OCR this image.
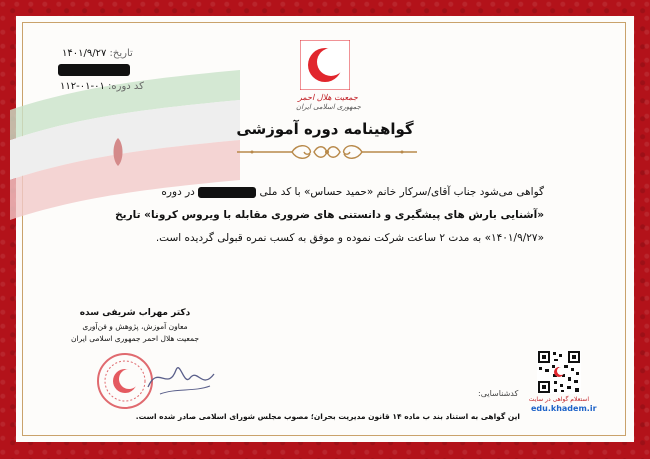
تاریخ: ۱۴۰۱/۹/۲۷
کد دوره: ۰۱-۰۱-۱۱۲
جمعیت هلال احمر
جمهوری اسلامی ایران
گواهینامه دوره آموزشی
گواهی می‌شود جناب آقای/سرکار خانم «حمید حساس» با کد ملی  در دوره
«آشنایی بارش های پیشگیری و دانستنی های ضروری مقابله با ویروس کرونا» تاریخ
«۱۴۰۱/۹/۲۷» به مدت ۲ ساعت شرکت نموده و موفق به کسب نمره قبولی گردیده است.
دکتر مهراب شریفی سده
معاون آموزش، پژوهش و فن‌آوری
جمعیت هلال احمر جمهوری اسلامی ایران
کدشناسایی:
استعلام گواهی در سایت
edu.khadem.ir
این گواهی به استناد بند ب ماده ۱۴ قانون مدیریت بحران؛ مصوب مجلس شورای اسلامی صادر شده است.
